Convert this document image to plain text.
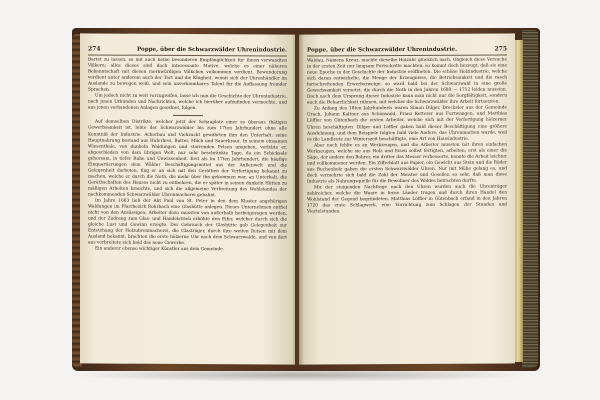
274	Poppe, über die Schwarzwälder Uhrenindustrie.

Bartet zu lassen, so mit auch keine besonderen Empfänglichkeit für Ihnen verwandten Völkern; alles dieses sind doch interessante Motive, welche es einer näheren Bekanntschaft mit diesen merkwürdigen Völkchen volkommen verdient. Bewunderung verdient unter anderem auch der Tact und die Klugheit, womit sich der Uhrenhändler im Auslande zu bewegen weiß, und sein unverkennbares Talent für die Auffassung fremder Sprachen.

Um jedoch nicht zu weit vorzugreifen, lasse ich nun die Geschichte der Uhrenindustrie, nach jenen Urkunden und Nachrichten, welche ich hierüber aufzufinden vermochte, und aus jenen vorhandenen Anlagen geordnet, folgen.

Auf demselben Distrikte, welcher jetzt der Schauplatz einer so überaus thätigen Gewerbsamkeit ist, lebte der Schwarzwälder bis zum 17ten Jahrhundert ohne alle Kenntniß der Industrie. Ackerbau und Viehzucht gewährten ihm den Unterhalt; seine Hauptnahrung bestand aus Haferbrei, Butter, Milch und Sauerkraut. In seinem einsamen Wiesenthale, von dunkeln Waldungen und starrenden Felsen umgeben, verlebte er, abgeschieden von dem übrigen Welt, nur sehr beschränkte Tage, da ein Schicksale gehorsam, in tiefer Ruhe und Unwissenheit. Erst als im 17ten Jahrhundert, die häufige Einquartierungen dem Wälder Beschäftigungsmittel aus der Außenwelt und die Gelegenheit darboten, fing er an sich mit den Geräthen der Verfertigung bekannt zu machen, welche er durch die Noth, die mehr über ihn gekommen war, an Unterhalt, die Geräthschaften des Hauses nicht zu entbehren, die er später in seinen dunkeln Hütten zu mäßigen Arbeiten brauchte, und sich die allgemeine Verbreitung des Wohlstandes der nachkommenden Schwarzwälder Uhrenmacherei gebahnt.

Im Jahre 1683 ließ der Abt Paul von St. Peter in den dem Kloster angehörigen Waldungen im Pfarrbezirk Rohrbach eine Glashütte anlegen. Dieses Unternehmen entfiel nicht von den Ansässigen; Arbeiter dazu mussten von außerhalb herbeigezogen werden, und der Zudrang zum Glas- und Handelstrieb erhöhte den Eifer, welcher durch sich die gleiche Lust und Gewinn erregte. Der Gebrauch der Glashütte gab Gelegenheit zur Entstehung der Holzuhrenmacherei, die Glasträger, durch ihre weiten Reisen mit dem Ausland bekannt, brachten die erste hölzerne Uhr nach dem Schwarzwalde, und von dort aus verbreitete sich bald das neue Gewerbe.

Ein anderer ebenso wichtiger Künstler aus dem Gemeinde.

Poppe, über die Schwarzwälder Uhrenindustrie.	275

Waldau, Namens Kreuz, machte dieselbe Holzuhr glücklich nach. Obgleich diese Versuche in der ersten Zeit nur langsam Fortschritte machten, so kommt doch bezeugt, daß sie eine neue Epoche in der Geschichte der Industrie eröffneten. Die schöne Holzindustrie, welche sich daran entwickelte, die Menge der Erzeugnisse, die Betriebsamkeit und die rasch fortschreitenden Erwerbszweige, so ward bald bei der Schwarzwald in eine große Gewerbsamkeit versetzt, die durch die Noth in den Jahren 1680 — 1712 leiden mussten. Doch noch dem Ursprung dieser Industrie kann man nicht nur die Sorgfältigkeit, sondern auch die Beharrlichkeit rühmen, mit welcher die Schwarzwälder ihre Arbeit fortsetzten.

Zu Anfang des 18ten Jahrhunderts waren Simon Dilger, Drechsler aus der Gemeinde Urach, Johann Kaltner aus Schönwald, Franz Ketterer aus Furtwangen, und Matthias Löffler von Gütenbach die ersten Arbeiter, welche sich mit der Verfertigung hölzerner Uhren beschäftigten. Dilger und Löffler gaben bald dieser Beschäftigung eine größere Ausdehnung, und dem Beispiele folgten bald viele Andere; das Uhrenmachen wurde, weil es die Landleute zur Winterszeit beschäftigte, eine Art von Hausindustrie.

Aber noch fehlte es an Werkzeugen, und die Arbeiter mussten mit ihren einfachen Werkzeugen, welche sie aus Holz und Eisen selbst fertigten, arbeiten; erst als einer die Säge, der andere den Bohrer, ein dritter das Messer verbesserte, konnte die Arbeit leichter und vollkommener werden. Ein Zifferblatt aus Papier, ein Gewicht aus Stein und die Räder aus Buchenholz gaben die ersten Schwarzwälder Uhren. Nur mit Mühe gelang es, und doch vermehrte sich bald die Zahl der Meister und Gesellen so sehr, daß man diese Industrie als Nahrungsquelle für die Bewohner des Waldes betrachten durfte.

Mit der steigenden Nachfrage nach den Uhren wurden auch die Uhrenträger zahlreicher, welche die Waare in ferne Länder trugen und durch ihren Handel den Wohlstand der Gegend begründeten. Matthias Löffler in Gütenbach erfand in den Jahren 1720 das erste Schlagwerk, eine Vorrichtung zum Schlagen der Stunden und Viertelstunden.
